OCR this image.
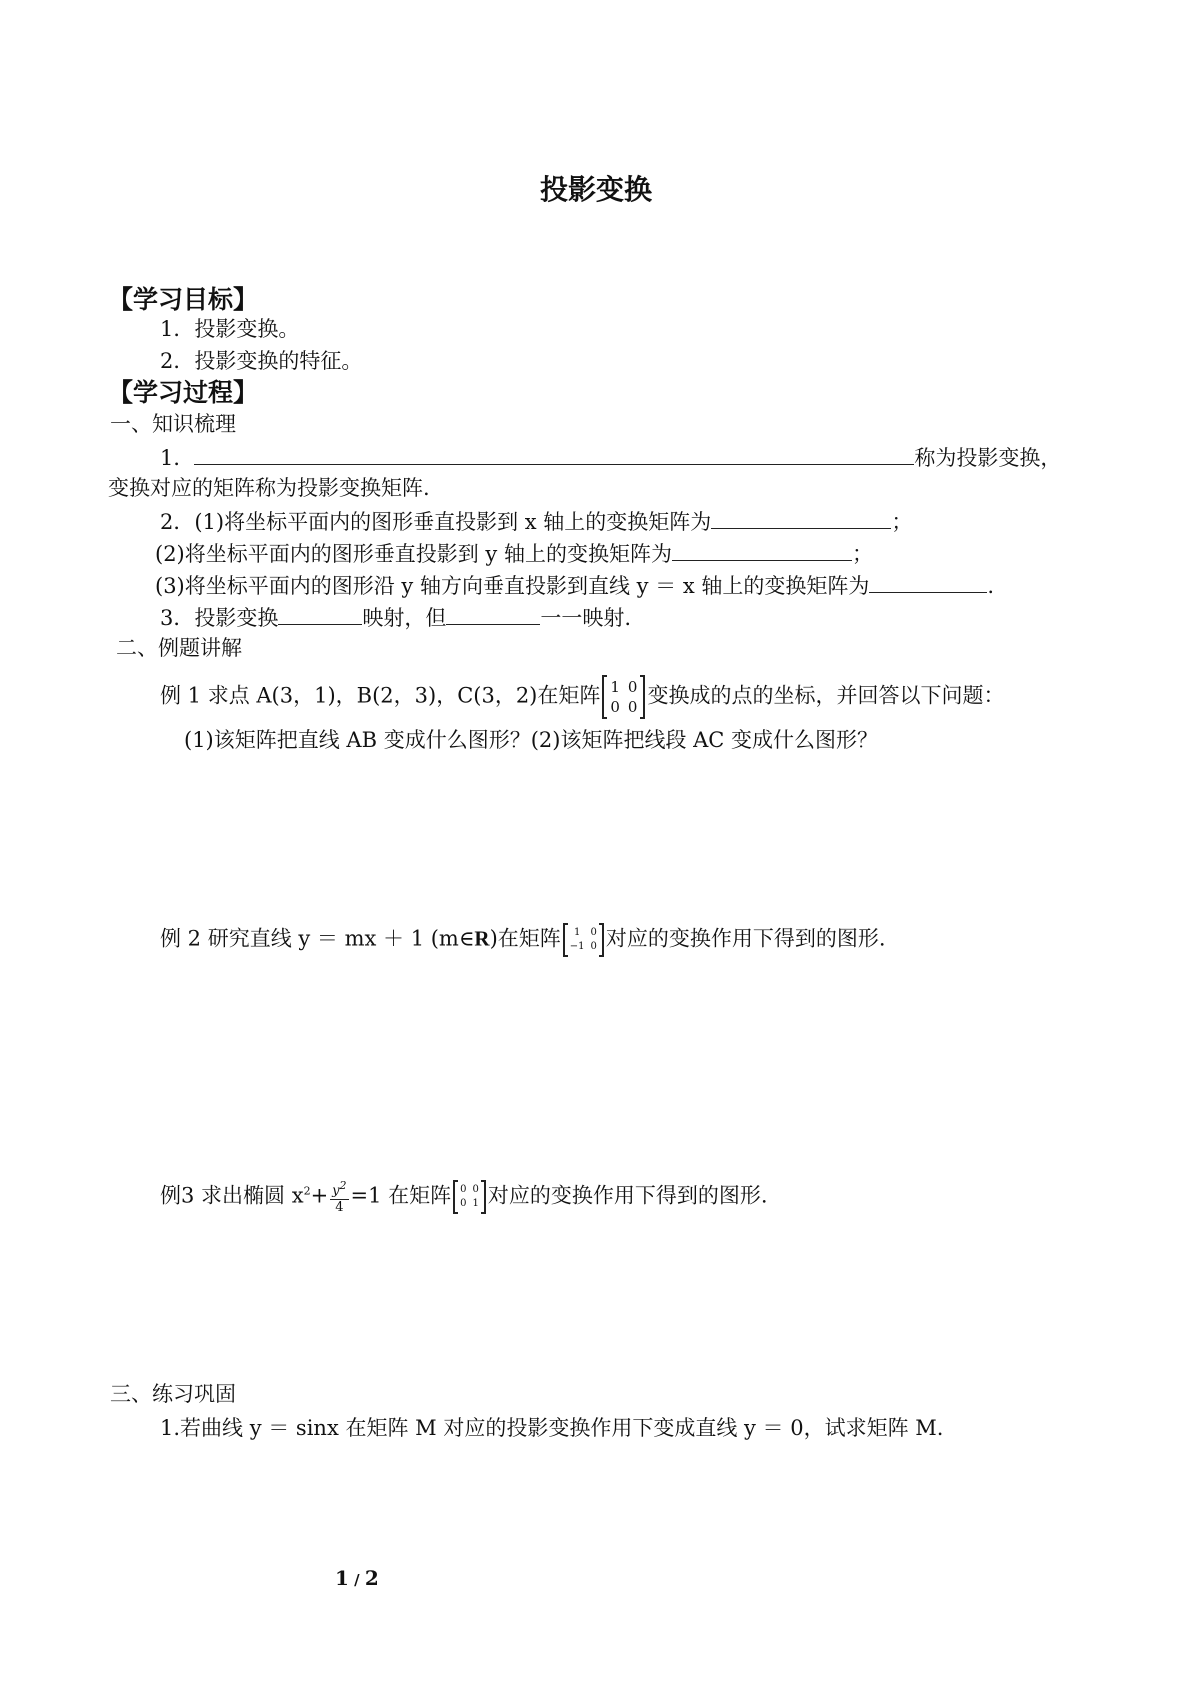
投影变换
【学习目标】
1．投影变换。
2．投影变换的特征。
【学习过程】
一、知识梳理
1．	称为投影变换，
变换对应的矩阵称为投影变换矩阵.
2．(1)将坐标平面内的图形垂直投影到 x 轴上的变换矩阵为	；
(2)将坐标平面内的图形垂直投影到 y 轴上的变换矩阵为	；
(3)将坐标平面内的图形沿 y 轴方向垂直投影到直线 y ＝ x 轴上的变换矩阵为	.
3．投影变换	映射，但	一一映射.
二、例题讲解
例 1 求点 A(3，1)，B(2，3)，C(3，2)在矩阵 1 0
0 0 变换成的点的坐标，并回答以下问题：
(1)该矩阵把直线 AB 变成什么图形？(2)该矩阵把线段 AC 变成什么图形？
例 2 研究直线 y ＝ mx ＋ 1 (m∈R)在矩阵	1	0
−1 0 对应的变换作用下得到的图形.
例3 求出椭圆 $x^2+ \frac{y^2}{4} =1$ 在矩阵 0 0
0 1 对应的变换作用下得到的图形.
三、练习巩固
1.若曲线 y ＝ sinx 在矩阵 M 对应的投影变换作用下变成直线 y ＝ 0，试求矩阵 M.
1 / 2
